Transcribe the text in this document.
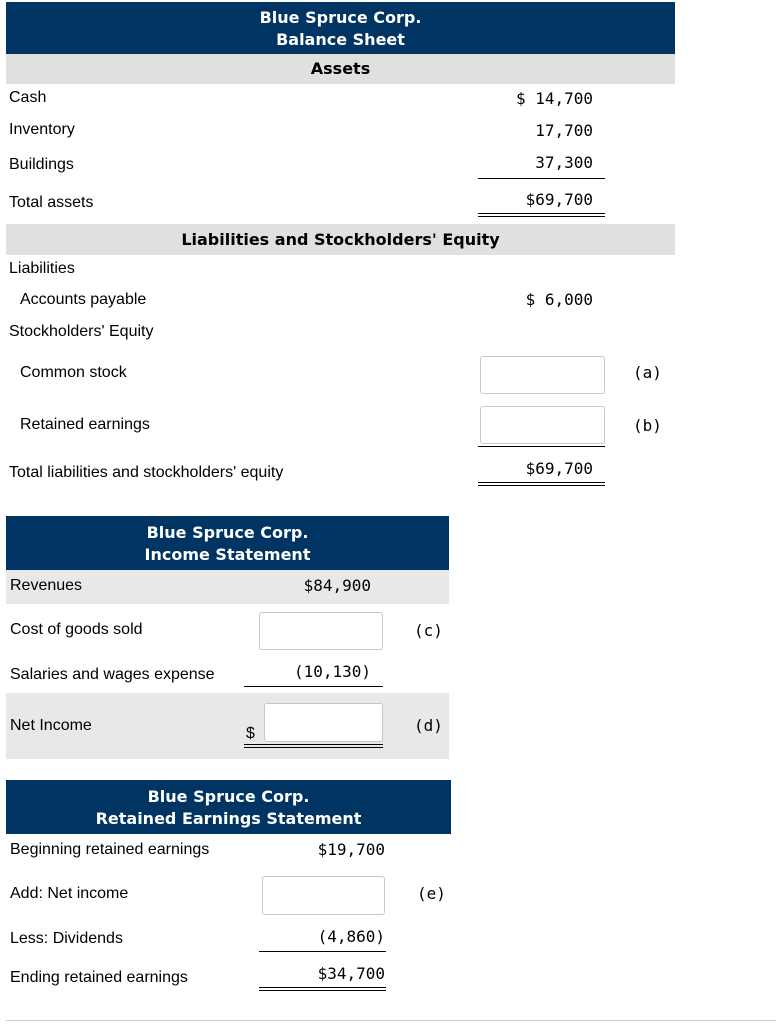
Blue Spruce Corp.
Balance Sheet
Assets
Cash	$ 14,700
Inventory	17,700
Buildings	37,300
Total assets	$69,700
Liabilities and Stockholders' Equity
Liabilities
Accounts payable	$ 6,000
Stockholders' Equity
Common stock	(a)
Retained earnings	(b)
Total liabilities and stockholders' equity	$69,700
Blue Spruce Corp.
Income Statement
Revenues	$84,900
Cost of goods sold	(c)
Salaries and wages expense	(10,130)
Net Income	$	(d)
Blue Spruce Corp.
Retained Earnings Statement
Beginning retained earnings	$19,700
Add: Net income	(e)
Less: Dividends	(4,860)
Ending retained earnings	$34,700
